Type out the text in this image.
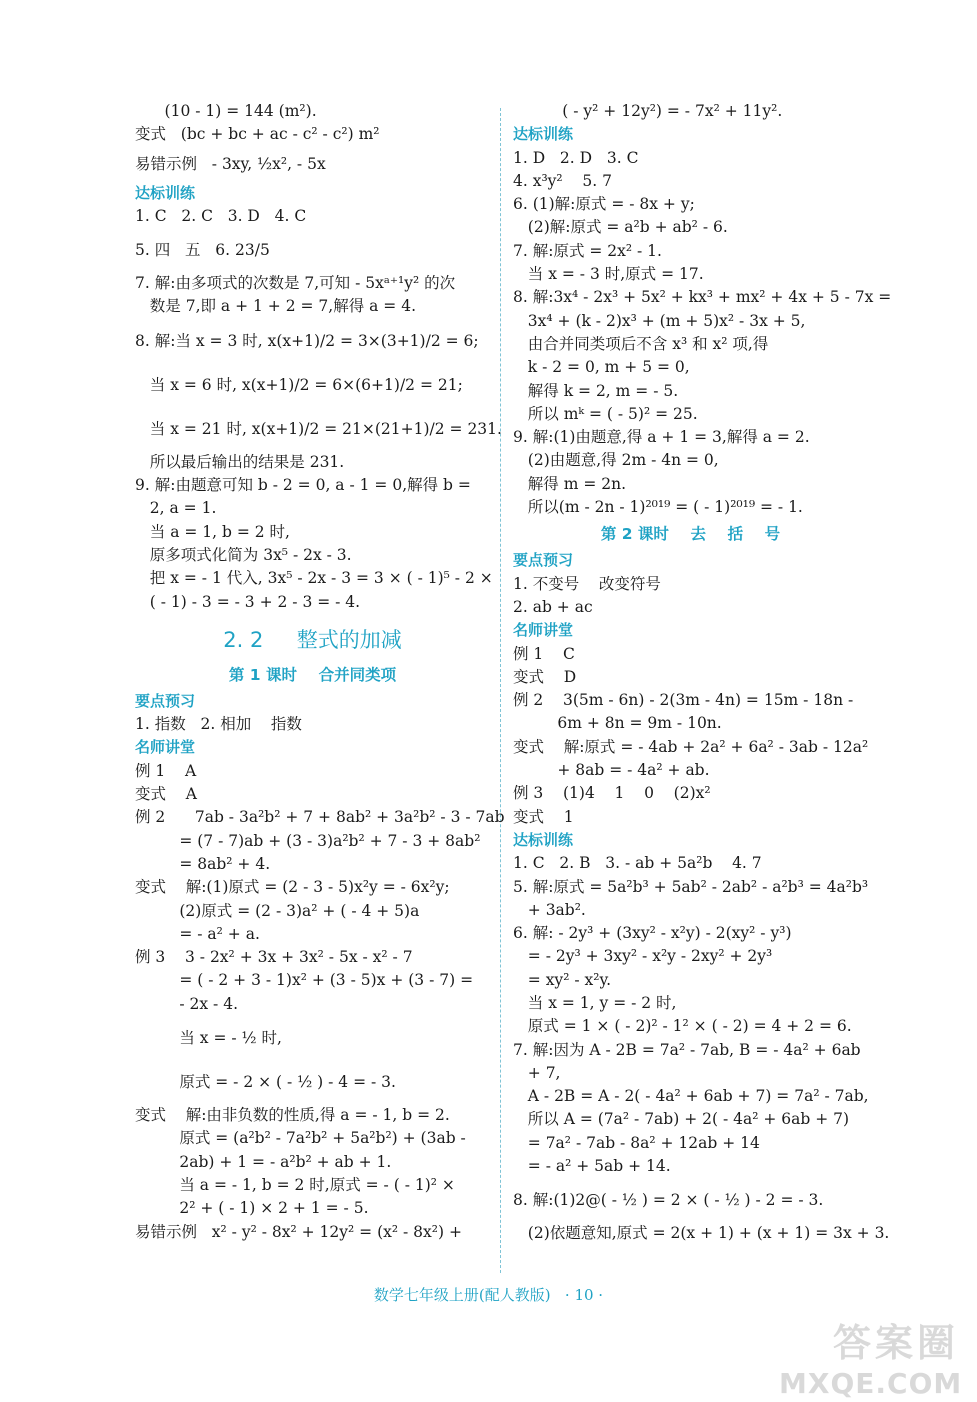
(10 - 1) = 144 (m²).
变式   (bc + bc + ac - c² - c²) m²
易错示例   - 3xy, ½x², - 5x
达标训练
1. C   2. C   3. D   4. C
5. 四   五   6. 23/5
7. 解:由多项式的次数是 7,可知 - 5xᵃ⁺¹y² 的次
数是 7,即 a + 1 + 2 = 7,解得 a = 4.
8. 解:当 x = 3 时, x(x+1)/2 = 3×(3+1)/2 = 6;
当 x = 6 时, x(x+1)/2 = 6×(6+1)/2 = 21;
当 x = 21 时, x(x+1)/2 = 21×(21+1)/2 = 231.
所以最后输出的结果是 231.
9. 解:由题意可知 b - 2 = 0, a - 1 = 0,解得 b =
2, a = 1.
当 a = 1, b = 2 时,
原多项式化简为 3x⁵ - 2x - 3.
把 x = - 1 代入, 3x⁵ - 2x - 3 = 3 × ( - 1)⁵ - 2 ×
( - 1) - 3 = - 3 + 2 - 3 = - 4.
2. 2     整式的加减
第 1 课时    合并同类项
要点预习
1. 指数   2. 相加    指数
名师讲堂
例 1    A
变式    A
例 2      7ab - 3a²b² + 7 + 8ab² + 3a²b² - 3 - 7ab
= (7 - 7)ab + (3 - 3)a²b² + 7 - 3 + 8ab²
= 8ab² + 4.
变式    解:(1)原式 = (2 - 3 - 5)x²y = - 6x²y;
(2)原式 = (2 - 3)a² + ( - 4 + 5)a
= - a² + a.
例 3    3 - 2x² + 3x + 3x² - 5x - x² - 7
= ( - 2 + 3 - 1)x² + (3 - 5)x + (3 - 7) =
- 2x - 4.
当 x = - ½ 时,
原式 = - 2 × ( - ½ ) - 4 = - 3.
变式    解:由非负数的性质,得 a = - 1, b = 2.
原式 = (a²b² - 7a²b² + 5a²b²) + (3ab -
2ab) + 1 = - a²b² + ab + 1.
当 a = - 1, b = 2 时,原式 = - ( - 1)² ×
2² + ( - 1) × 2 + 1 = - 5.
易错示例   x² - y² - 8x² + 12y² = (x² - 8x²) +
( - y² + 12y²) = - 7x² + 11y².
达标训练
1. D   2. D   3. C
4. x³y²    5. 7
6. (1)解:原式 = - 8x + y;
(2)解:原式 = a²b + ab² - 6.
7. 解:原式 = 2x² - 1.
当 x = - 3 时,原式 = 17.
8. 解:3x⁴ - 2x³ + 5x² + kx³ + mx² + 4x + 5 - 7x =
3x⁴ + (k - 2)x³ + (m + 5)x² - 3x + 5,
由合并同类项后不含 x³ 和 x² 项,得
k - 2 = 0, m + 5 = 0,
解得 k = 2, m = - 5.
所以 mᵏ = ( - 5)² = 25.
9. 解:(1)由题意,得 a + 1 = 3,解得 a = 2.
(2)由题意,得 2m - 4n = 0,
解得 m = 2n.
所以(m - 2n - 1)²⁰¹⁹ = ( - 1)²⁰¹⁹ = - 1.
第 2 课时    去    括    号
要点预习
1. 不变号    改变符号
2. ab + ac
名师讲堂
例 1    C
变式    D
例 2    3(5m - 6n) - 2(3m - 4n) = 15m - 18n -
6m + 8n = 9m - 10n.
变式    解:原式 = - 4ab + 2a² + 6a² - 3ab - 12a²
+ 8ab = - 4a² + ab.
例 3    (1)4    1    0    (2)x²
变式    1
达标训练
1. C   2. B   3. - ab + 5a²b    4. 7
5. 解:原式 = 5a²b³ + 5ab² - 2ab² - a²b³ = 4a²b³
+ 3ab².
6. 解: - 2y³ + (3xy² - x²y) - 2(xy² - y³)
= - 2y³ + 3xy² - x²y - 2xy² + 2y³
= xy² - x²y.
当 x = 1, y = - 2 时,
原式 = 1 × ( - 2)² - 1² × ( - 2) = 4 + 2 = 6.
7. 解:因为 A - 2B = 7a² - 7ab, B = - 4a² + 6ab
+ 7,
A - 2B = A - 2( - 4a² + 6ab + 7) = 7a² - 7ab,
所以 A = (7a² - 7ab) + 2( - 4a² + 6ab + 7)
= 7a² - 7ab - 8a² + 12ab + 14
= - a² + 5ab + 14.
8. 解:(1)2@( - ½ ) = 2 × ( - ½ ) - 2 = - 3.
(2)依题意知,原式 = 2(x + 1) + (x + 1) = 3x + 3.
数学七年级上册(配人教版)   · 10 ·
答案圈
MXQE.COM
